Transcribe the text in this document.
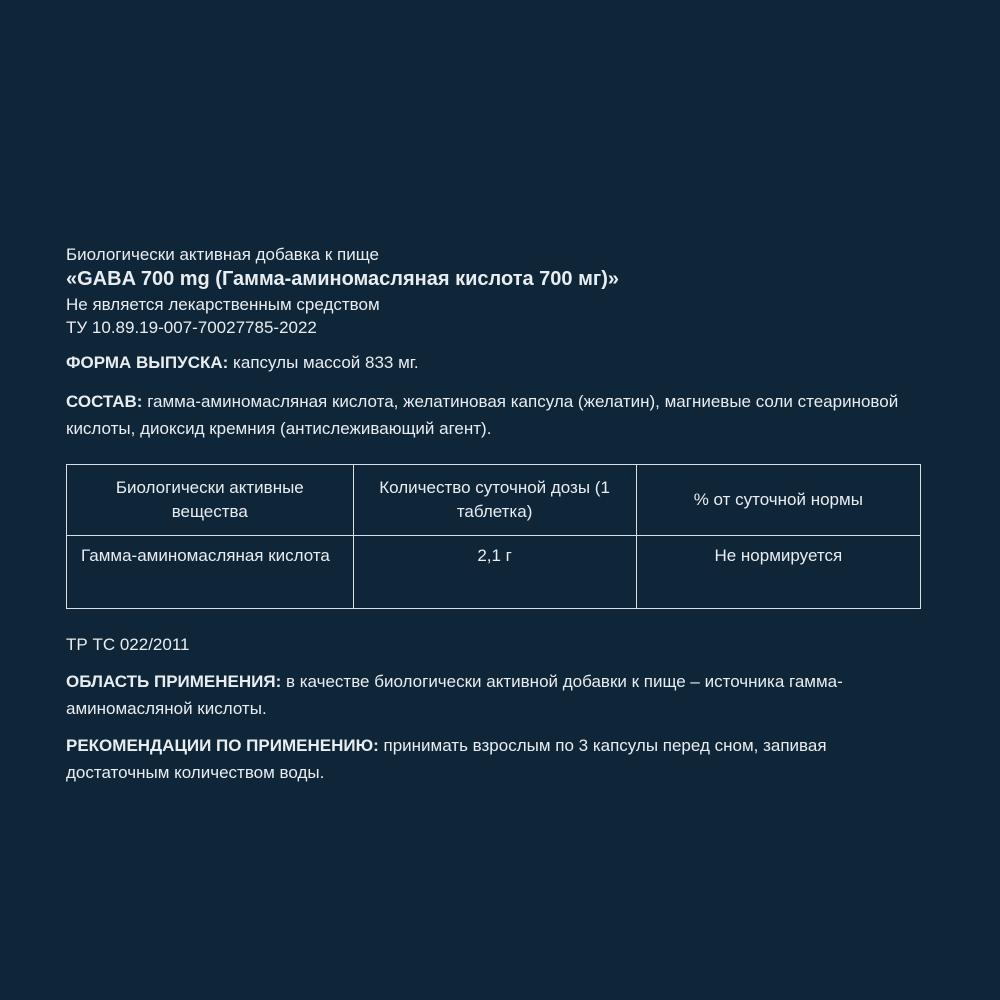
Биологически активная добавка к пище

«GABA 700 mg (Гамма-аминомасляная кислота 700 мг)»

Не является лекарственным средством

ТУ 10.89.19-007-70027785-2022

ФОРМА ВЫПУСКА: капсулы массой 833 мг.

СОСТАВ: гамма-аминомасляная кислота, желатиновая капсула (желатин), магниевые соли стеариновой кислоты, диоксид кремния (антислеживающий агент).

Биологически активные вещества	Количество суточной дозы (1 таблетка)	% от суточной нормы
Гамма-аминомасляная кислота	2,1 г	Не нормируется

ТР ТС 022/2011

ОБЛАСТЬ ПРИМЕНЕНИЯ: в качестве биологически активной добавки к пище – источника гамма-аминомасляной кислоты.

РЕКОМЕНДАЦИИ ПО ПРИМЕНЕНИЮ: принимать взрослым по 3 капсулы перед сном, запивая достаточным количеством воды.
